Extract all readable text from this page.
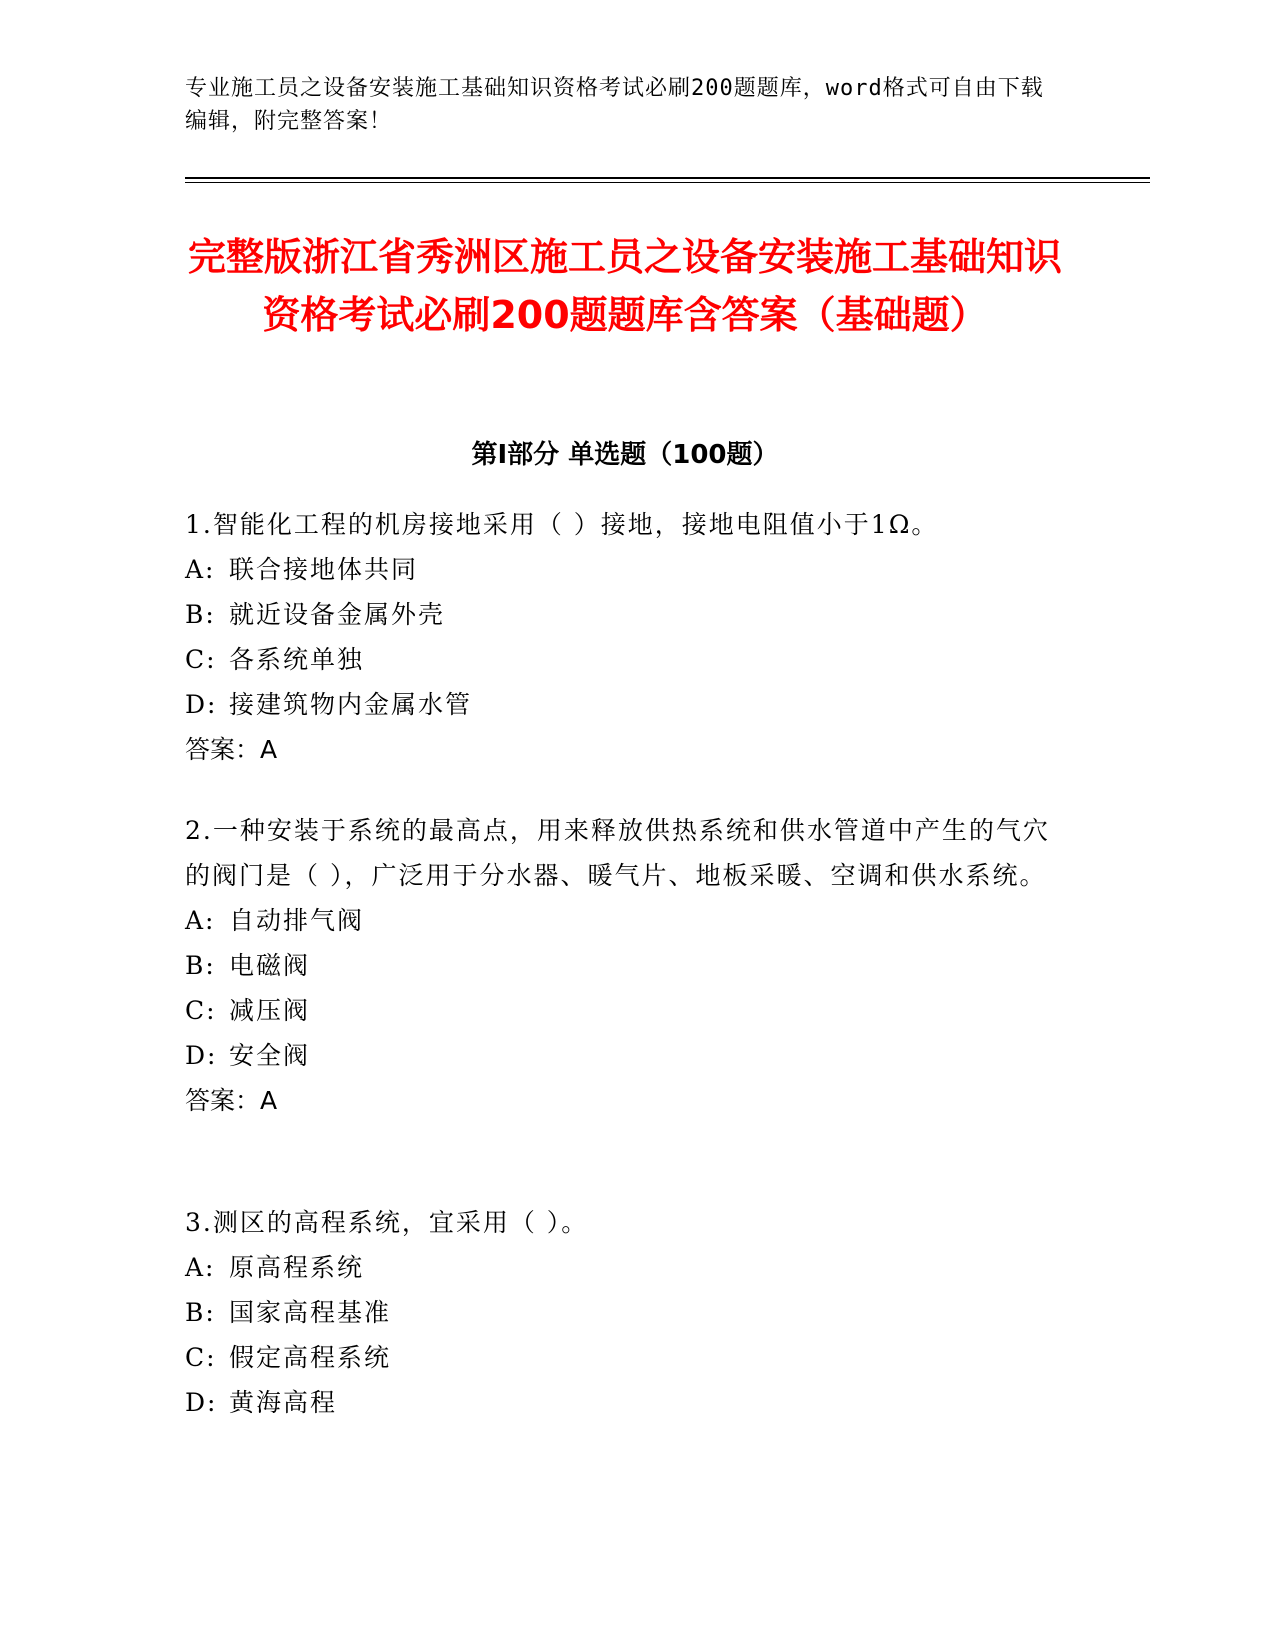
专业施工员之设备安装施工基础知识资格考试必刷200题题库，word格式可自由下载编辑，附完整答案！
完整版浙江省秀洲区施工员之设备安装施工基础知识资格考试必刷200题题库含答案（基础题）
第I部分 单选题（100题）

1.智能化工程的机房接地采用（ ）接地，接地电阻值小于1Ω。

A: 联合接地体共同

B: 就近设备金属外壳

C: 各系统单独

D: 接建筑物内金属水管

答案：A

2.一种安装于系统的最高点，用来释放供热系统和供水管道中产生的气穴的阀门是（ ），广泛用于分水器、暖气片、地板采暖、空调和供水系统。

A: 自动排气阀

B: 电磁阀

C: 减压阀

D: 安全阀

答案：A

3.测区的高程系统，宜采用（ ）。

A: 原高程系统

B: 国家高程基准

C: 假定高程系统

D: 黄海高程
